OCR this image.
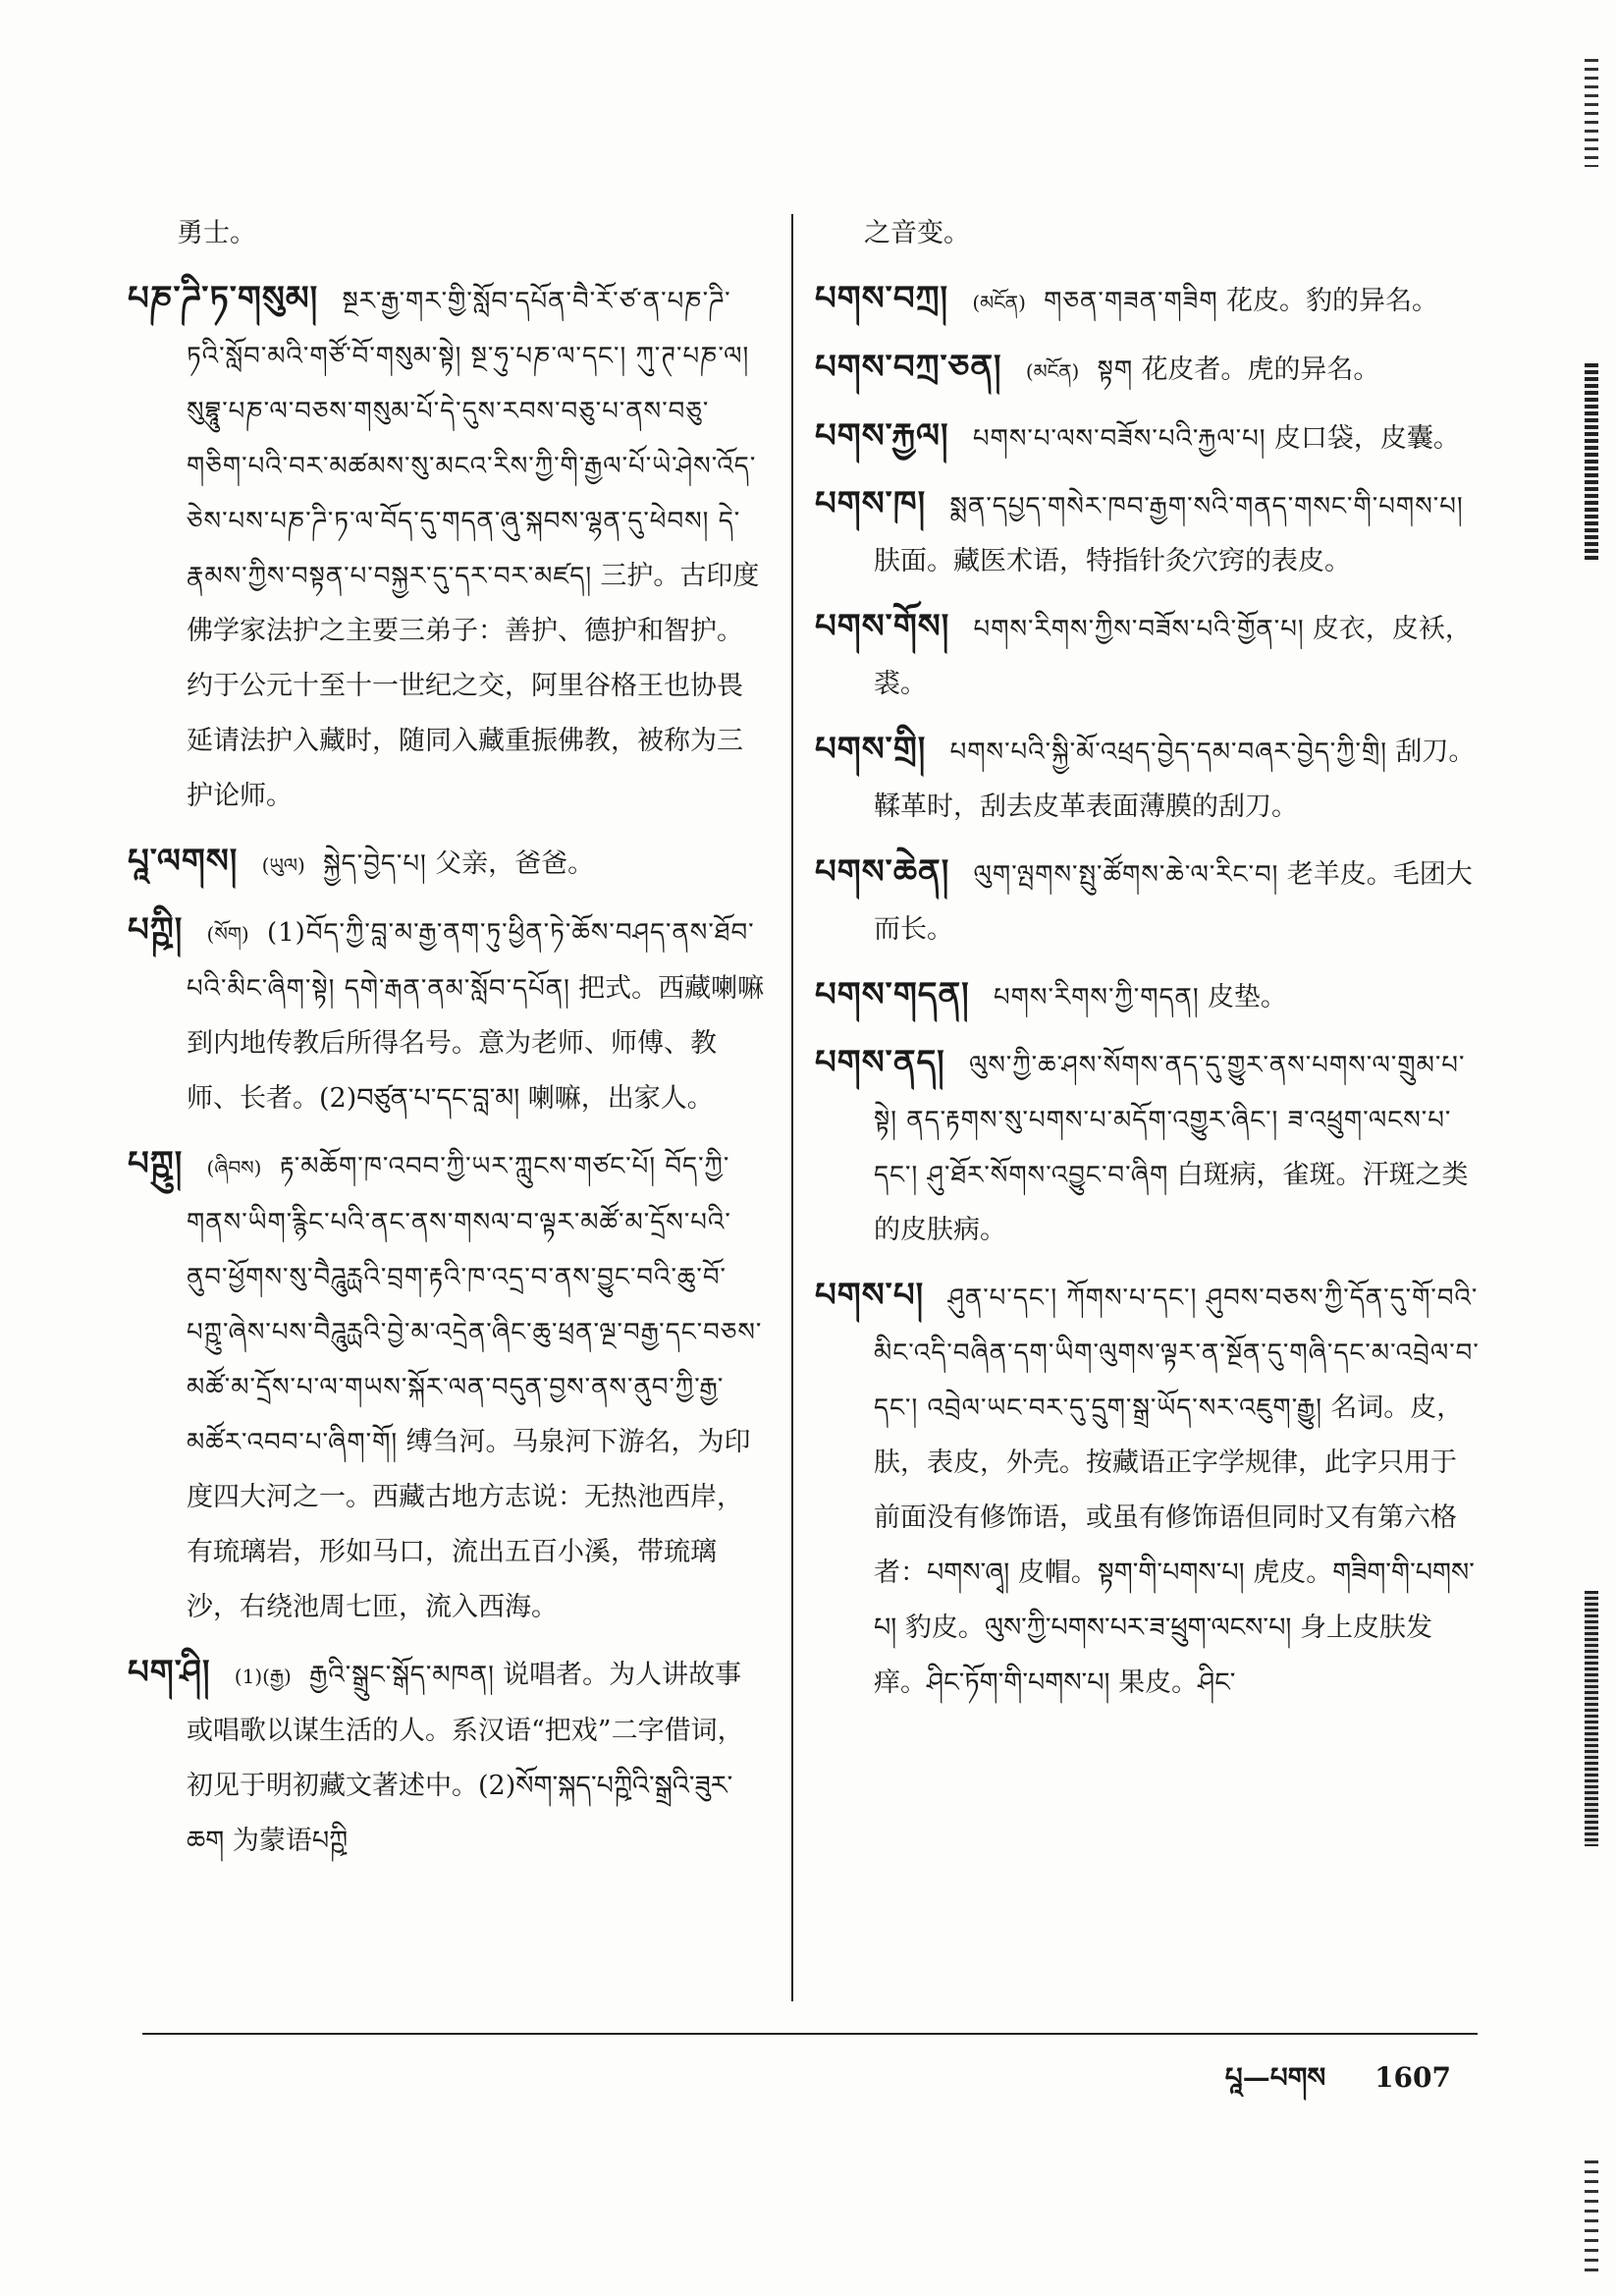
勇士。
པཎ་ཌི་ཏ་གསུམ། སྔར་རྒྱ་གར་གྱི་སློབ་དཔོན་བཻ་རོ་ཙ་ན་པཎ་ཌི་ཏའི་སློབ་མའི་གཙོ་བོ་གསུམ་སྟེ། སྔ་ཧུ་པཎ་ལ་དང་། ཀུ་ཊ་པཎ་ལ། སུབྷཱུ་པཎ་ལ་བཅས་གསུམ་པོ་དེ་དུས་རབས་བཅུ་པ་ནས་བཅུ་གཅིག་པའི་བར་མཚམས་སུ་མངའ་རིས་ཀྱི་གི་རྒྱལ་པོ་ཡེ་ཤེས་འོད་ཅེས་པས་པཎ་ཌི་ཏ་ལ་བོད་དུ་གདན་ཞུ་སྐབས་ལྷན་དུ་ཕེབས། དེ་རྣམས་ཀྱིས་བསྟན་པ་བསྐྱར་དུ་དར་བར་མཛད། 三护。古印度佛学家法护之主要三弟子：善护、德护和智护。约于公元十至十一世纪之交，阿里谷格王也协畏延请法护入藏时，随同入藏重振佛教，被称为三护论师。
པཱ་ལགས། (ཡུལ) སྐྱེད་བྱེད་པ། 父亲，爸爸。
པཀྵི། (སོག) (1)བོད་ཀྱི་བླ་མ་རྒྱ་ནག་ཏུ་ཕྱིན་ཏེ་ཆོས་བཤད་ནས་ཐོབ་པའི་མིང་ཞིག་སྟེ། དགེ་རྒན་ནམ་སློབ་དཔོན། 把式。西藏喇嘛到内地传教后所得名号。意为老师、师傅、教师、长者。(2)བཙུན་པ་དང་བླ་མ། 喇嘛，出家人。
པཀྵུ། (ཞིབས) རྟ་མཆོག་ཁ་འབབ་ཀྱི་ཡར་ཀླུངས་གཙང་པོ། བོད་ཀྱི་གནས་ཡིག་རྙིང་པའི་ནང་ནས་གསལ་བ་ལྟར་མཚོ་མ་དྲོས་པའི་ནུབ་ཕྱོགས་སུ་བཻཌཱུརྻའི་བྲག་རྟའི་ཁ་འདྲ་བ་ནས་བྱུང་བའི་ཆུ་བོ་པཀྵུ་ཞེས་པས་བཻཌཱུརྻའི་བྱེ་མ་འདྲེན་ཞིང་ཆུ་ཕྲན་ལྔ་བརྒྱ་དང་བཅས་མཚོ་མ་དྲོས་པ་ལ་གཡས་སྐོར་ལན་བདུན་བྱས་ནས་ནུབ་ཀྱི་རྒྱ་མཚོར་འབབ་པ་ཞིག་གོ། 缚刍河。马泉河下游名，为印度四大河之一。西藏古地方志说：无热池西岸，有琉璃岩，形如马口，流出五百小溪，带琉璃沙，右绕池周七匝，流入西海。
པག་ཤི། (1)(རྒྱ) རྒྱའི་སྒྲུང་སྒོད་མཁན། 说唱者。为人讲故事或唱歌以谋生活的人。系汉语“把戏”二字借词，初见于明初藏文著述中。(2)སོག་སྐད་པཀྵིའི་སྒྲའི་ཟུར་ཆག 为蒙语པཀྵི
之音变。
པགས་བཀྲ། (མངོན) གཅན་གཟན་གཟིག 花皮。豹的异名。
པགས་བཀྲ་ཅན། (མངོན) སྟག 花皮者。虎的异名。
པགས་རྐྱལ། པགས་པ་ལས་བཟོས་པའི་རྐྱལ་པ། 皮口袋，皮囊。
པགས་ཁ། སྨན་དཔྱད་གསེར་ཁབ་རྒྱག་སའི་གནད་གསང་གི་པགས་པ། 肤面。藏医术语，特指针灸穴窍的表皮。
པགས་གོས། པགས་རིགས་ཀྱིས་བཟོས་པའི་གྱོན་པ། 皮衣，皮袄，裘。
པགས་གྲི། པགས་པའི་སྐྱི་མོ་འཕྲད་བྱེད་དམ་བཞར་བྱེད་ཀྱི་གྲི། 刮刀。鞣革时，刮去皮革表面薄膜的刮刀。
པགས་ཆེན། ལུག་ལྤགས་སྤུ་ཚོགས་ཆེ་ལ་རིང་བ། 老羊皮。毛团大而长。
པགས་གདན། པགས་རིགས་ཀྱི་གདན། 皮垫。
པགས་ནད། ལུས་ཀྱི་ཆ་ཤས་སོགས་ནད་དུ་གྱུར་ནས་པགས་ལ་གྲུམ་པ་སྟེ། ནད་རྟགས་སུ་པགས་པ་མདོག་འགྱུར་ཞིང་། ཟ་འཕྲུག་ལངས་པ་དང་། ཤུ་ཐོར་སོགས་འབྱུང་བ་ཞིག 白斑病，雀斑。汗斑之类的皮肤病。
པགས་པ། ཤུན་པ་དང་། ཀོགས་པ་དང་། ཤུབས་བཅས་ཀྱི་དོན་དུ་གོ་བའི་མིང་འདི་བཞིན་དག་ཡིག་ལུགས་ལྟར་ན་སྔོན་དུ་གཞི་དང་མ་འབྲེལ་བ་དང་། འབྲེལ་ཡང་བར་དུ་དྲུག་སྒྲ་ཡོད་སར་འཇུག་རྒྱུ། 名词。皮，肤，表皮，外壳。按藏语正字学规律，此字只用于前面没有修饰语，或虽有修饰语但同时又有第六格者：པགས་ཞྭ། 皮帽。སྟག་གི་པགས་པ། 虎皮。གཟིག་གི་པགས་པ། 豹皮。ལུས་ཀྱི་པགས་པར་ཟ་ཕྲུག་ལངས་པ། 身上皮肤发痒。ཤིང་ཏོག་གི་པགས་པ། 果皮。ཤིང་
པཱ—པགས 1607
